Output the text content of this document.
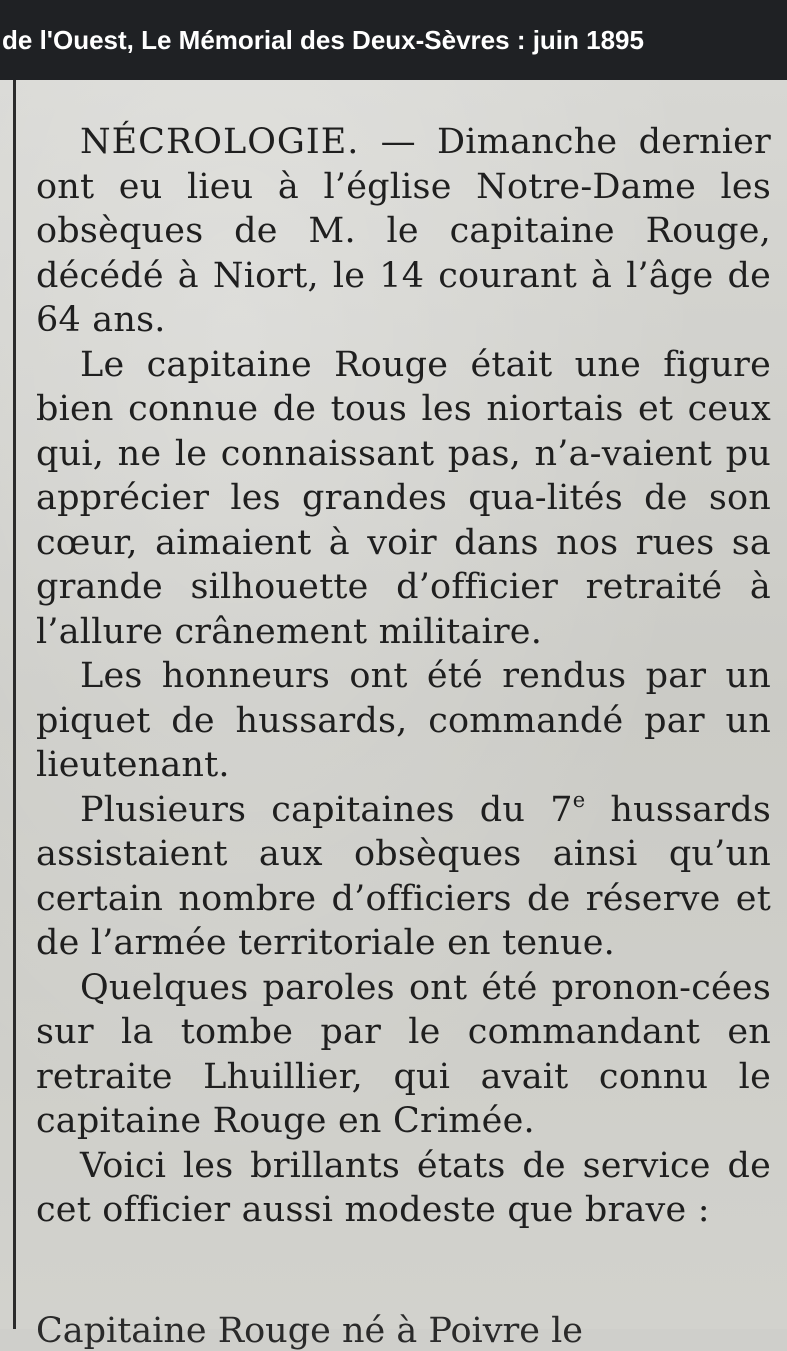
de l'Ouest, Le Mémorial des Deux-Sèvres : juin 1895

NÉCROLOGIE. — Dimanche dernier ont eu lieu à l’église Notre-Dame les obsèques de M. le capitaine Rouge, décédé à Niort, le 14 courant à l’âge de 64 ans.

Le capitaine Rouge était une figure bien connue de tous les niortais et ceux qui, ne le connaissant pas, n’a-vaient pu apprécier les grandes qua-lités de son cœur, aimaient à voir dans nos rues sa grande silhouette d’officier retraité à l’allure crânement militaire.

Les honneurs ont été rendus par un piquet de hussards, commandé par un lieutenant.

Plusieurs capitaines du 7e hussards assistaient aux obsèques ainsi qu’un certain nombre d’officiers de réserve et de l’armée territoriale en tenue.

Quelques paroles ont été pronon-cées sur la tombe par le commandant en retraite Lhuillier, qui avait connu le capitaine Rouge en Crimée.

Voici les brillants états de service de cet officier aussi modeste que brave :

Capitaine Rouge né à Poivre le
